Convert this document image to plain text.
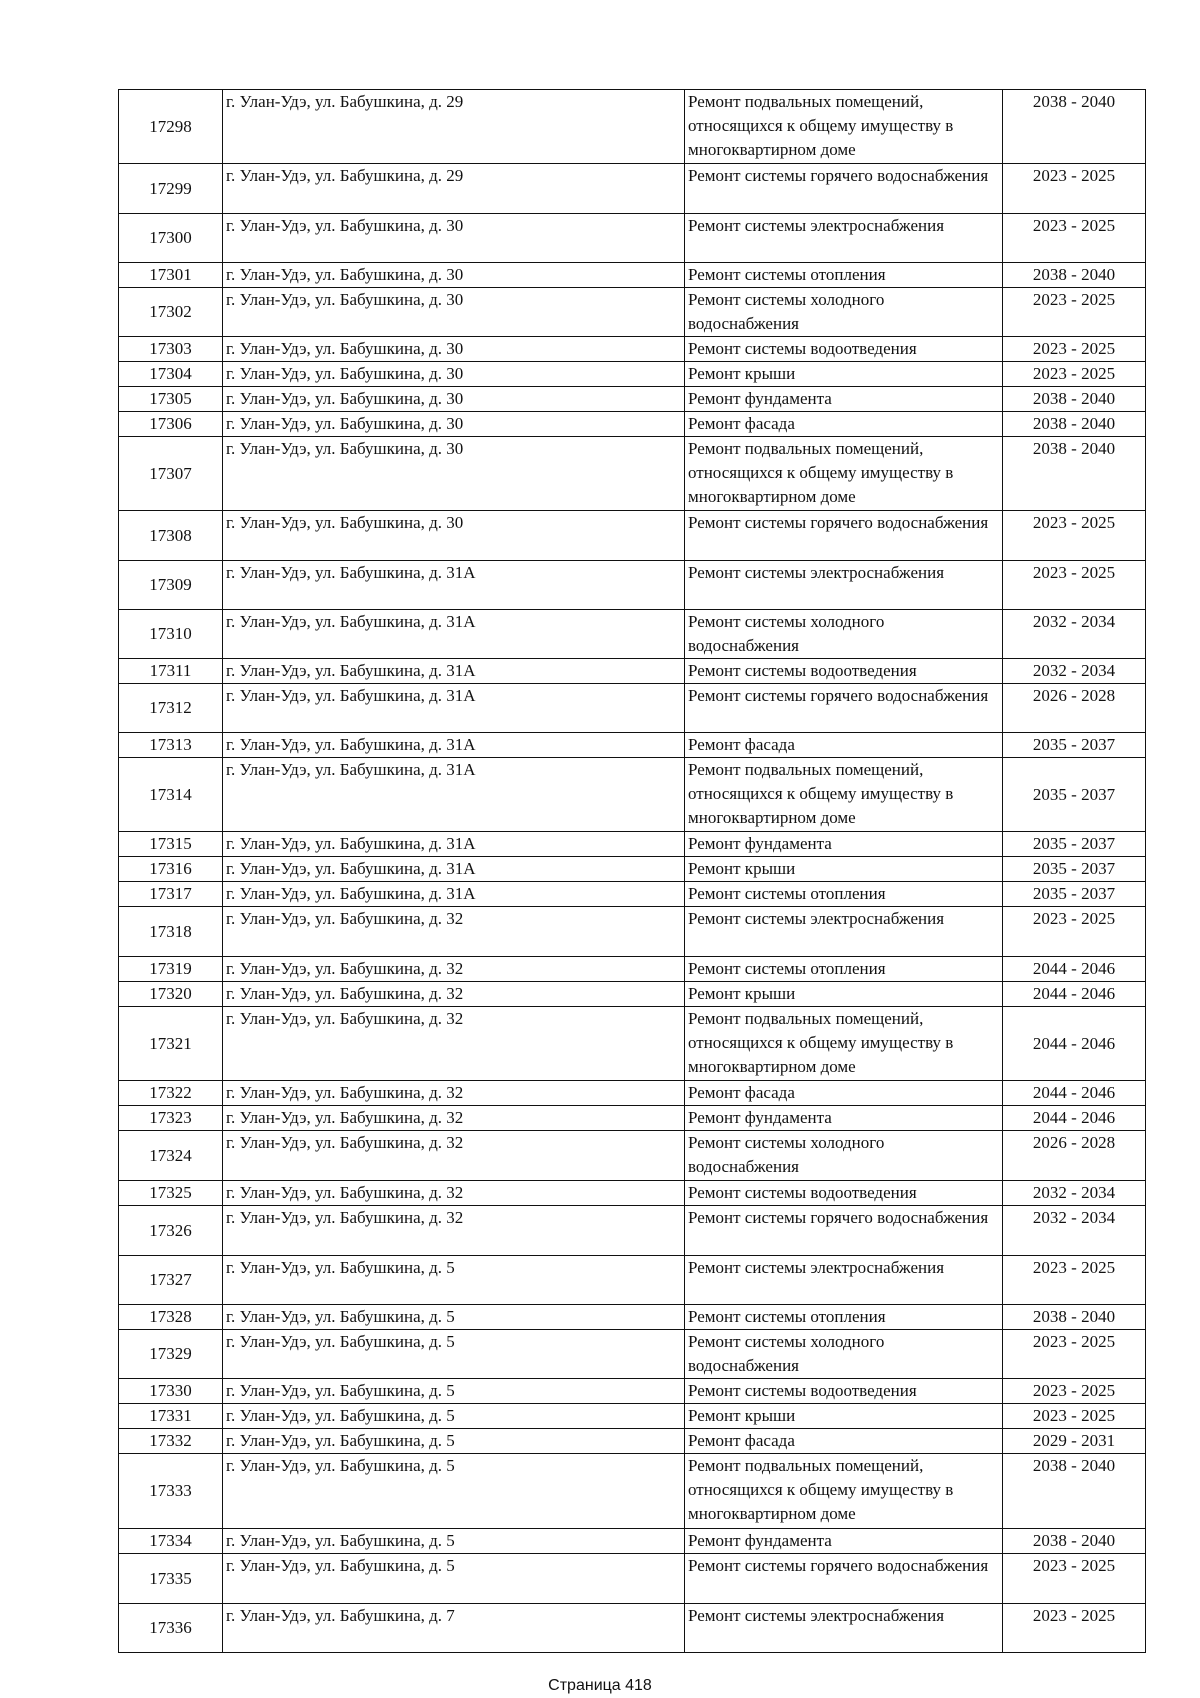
17298	г. Улан-Удэ, ул. Бабушкина, д. 29	Ремонт подвальных помещений, относящихся к общему имуществу в многоквартирном доме	2038 - 2040
17299	г. Улан-Удэ, ул. Бабушкина, д. 29	Ремонт системы горячего водоснабжения	2023 - 2025
17300	г. Улан-Удэ, ул. Бабушкина, д. 30	Ремонт системы электроснабжения	2023 - 2025
17301	г. Улан-Удэ, ул. Бабушкина, д. 30	Ремонт системы отопления	2038 - 2040
17302	г. Улан-Удэ, ул. Бабушкина, д. 30	Ремонт системы холодного водоснабжения	2023 - 2025
17303	г. Улан-Удэ, ул. Бабушкина, д. 30	Ремонт системы водоотведения	2023 - 2025
17304	г. Улан-Удэ, ул. Бабушкина, д. 30	Ремонт крыши	2023 - 2025
17305	г. Улан-Удэ, ул. Бабушкина, д. 30	Ремонт фундамента	2038 - 2040
17306	г. Улан-Удэ, ул. Бабушкина, д. 30	Ремонт фасада	2038 - 2040
17307	г. Улан-Удэ, ул. Бабушкина, д. 30	Ремонт подвальных помещений, относящихся к общему имуществу в многоквартирном доме	2038 - 2040
17308	г. Улан-Удэ, ул. Бабушкина, д. 30	Ремонт системы горячего водоснабжения	2023 - 2025
17309	г. Улан-Удэ, ул. Бабушкина, д. 31А	Ремонт системы электроснабжения	2023 - 2025
17310	г. Улан-Удэ, ул. Бабушкина, д. 31А	Ремонт системы холодного водоснабжения	2032 - 2034
17311	г. Улан-Удэ, ул. Бабушкина, д. 31А	Ремонт системы водоотведения	2032 - 2034
17312	г. Улан-Удэ, ул. Бабушкина, д. 31А	Ремонт системы горячего водоснабжения	2026 - 2028
17313	г. Улан-Удэ, ул. Бабушкина, д. 31А	Ремонт фасада	2035 - 2037
17314	г. Улан-Удэ, ул. Бабушкина, д. 31А	Ремонт подвальных помещений, относящихся к общему имуществу в многоквартирном доме	2035 - 2037
17315	г. Улан-Удэ, ул. Бабушкина, д. 31А	Ремонт фундамента	2035 - 2037
17316	г. Улан-Удэ, ул. Бабушкина, д. 31А	Ремонт крыши	2035 - 2037
17317	г. Улан-Удэ, ул. Бабушкина, д. 31А	Ремонт системы отопления	2035 - 2037
17318	г. Улан-Удэ, ул. Бабушкина, д. 32	Ремонт системы электроснабжения	2023 - 2025
17319	г. Улан-Удэ, ул. Бабушкина, д. 32	Ремонт системы отопления	2044 - 2046
17320	г. Улан-Удэ, ул. Бабушкина, д. 32	Ремонт крыши	2044 - 2046
17321	г. Улан-Удэ, ул. Бабушкина, д. 32	Ремонт подвальных помещений, относящихся к общему имуществу в многоквартирном доме	2044 - 2046
17322	г. Улан-Удэ, ул. Бабушкина, д. 32	Ремонт фасада	2044 - 2046
17323	г. Улан-Удэ, ул. Бабушкина, д. 32	Ремонт фундамента	2044 - 2046
17324	г. Улан-Удэ, ул. Бабушкина, д. 32	Ремонт системы холодного водоснабжения	2026 - 2028
17325	г. Улан-Удэ, ул. Бабушкина, д. 32	Ремонт системы водоотведения	2032 - 2034
17326	г. Улан-Удэ, ул. Бабушкина, д. 32	Ремонт системы горячего водоснабжения	2032 - 2034
17327	г. Улан-Удэ, ул. Бабушкина, д. 5	Ремонт системы электроснабжения	2023 - 2025
17328	г. Улан-Удэ, ул. Бабушкина, д. 5	Ремонт системы отопления	2038 - 2040
17329	г. Улан-Удэ, ул. Бабушкина, д. 5	Ремонт системы холодного водоснабжения	2023 - 2025
17330	г. Улан-Удэ, ул. Бабушкина, д. 5	Ремонт системы водоотведения	2023 - 2025
17331	г. Улан-Удэ, ул. Бабушкина, д. 5	Ремонт крыши	2023 - 2025
17332	г. Улан-Удэ, ул. Бабушкина, д. 5	Ремонт фасада	2029 - 2031
17333	г. Улан-Удэ, ул. Бабушкина, д. 5	Ремонт подвальных помещений, относящихся к общему имуществу в многоквартирном доме	2038 - 2040
17334	г. Улан-Удэ, ул. Бабушкина, д. 5	Ремонт фундамента	2038 - 2040
17335	г. Улан-Удэ, ул. Бабушкина, д. 5	Ремонт системы горячего водоснабжения	2023 - 2025
17336	г. Улан-Удэ, ул. Бабушкина, д. 7	Ремонт системы электроснабжения	2023 - 2025
Страница 418
